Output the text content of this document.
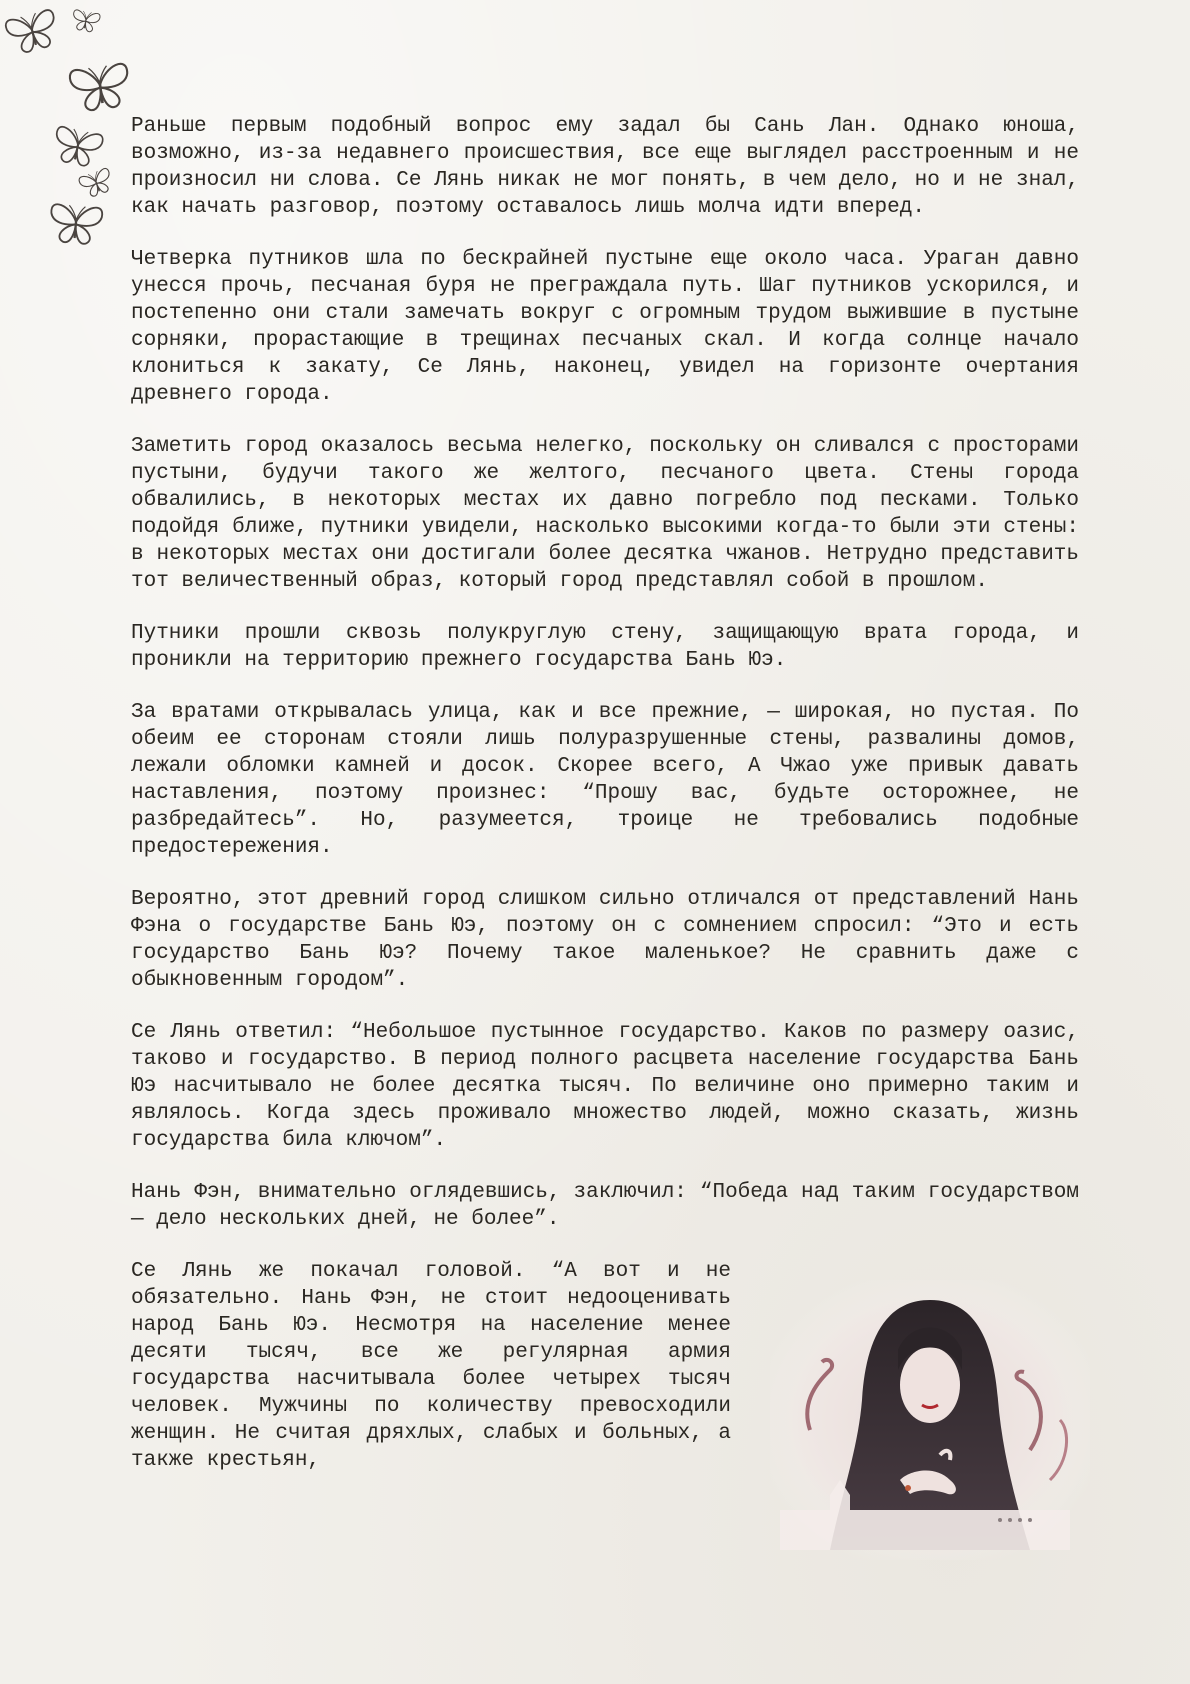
Раньше первым подобный вопрос ему задал бы Сань Лан. Однако юноша, возможно, из-за недавнего происшествия, все еще выглядел расстроенным и не произносил ни слова. Се Лянь никак не мог понять, в чем дело, но и не знал, как начать разговор, поэтому оставалось лишь молча идти вперед.

Четверка путников шла по бескрайней пустыне еще около часа. Ураган давно унесся прочь, песчаная буря не преграждала путь. Шаг путников ускорился, и постепенно они стали замечать вокруг с огромным трудом выжившие в пустыне сорняки, прорастающие в трещинах песчаных скал. И когда солнце начало клониться к закату, Се Лянь, наконец, увидел на горизонте очертания древнего города.

Заметить город оказалось весьма нелегко, поскольку он сливался с просторами пустыни, будучи такого же желтого, песчаного цвета. Стены города обвалились, в некоторых местах их давно погребло под песками. Только подойдя ближе, путники увидели, насколько высокими когда-то были эти стены: в некоторых местах они достигали более десятка чжанов. Нетрудно представить тот величественный образ, который город представлял собой в прошлом.

Путники прошли сквозь полукруглую стену, защищающую врата города, и проникли на территорию прежнего государства Бань Юэ.

За вратами открывалась улица, как и все прежние, — широкая, но пустая. По обеим ее сторонам стояли лишь полуразрушенные стены, развалины домов, лежали обломки камней и досок. Скорее всего, А Чжао уже привык давать наставления, поэтому произнес: “Прошу вас, будьте осторожнее, не разбредайтесь”. Но, разумеется, троице не требовались подобные предостережения.

Вероятно, этот древний город слишком сильно отличался от представлений Нань Фэна о государстве Бань Юэ, поэтому он с сомнением спросил: “Это и есть государство Бань Юэ? Почему такое маленькое? Не сравнить даже с обыкновенным городом”.

Се Лянь ответил: “Небольшое пустынное государство. Каков по размеру оазис, таково и государство. В период полного расцвета население государства Бань Юэ насчитывало не более десятка тысяч. По величине оно примерно таким и являлось. Когда здесь проживало множество людей, можно сказать, жизнь государства била ключом”.

Нань Фэн, внимательно оглядевшись, заключил: “Победа над таким государством — дело нескольких дней, не более”.

Се Лянь же покачал головой. “А вот и не обязательно. Нань Фэн, не стоит недооценивать народ Бань Юэ. Несмотря на население менее десяти тысяч, все же регулярная армия государства насчитывала более четырех тысяч человек. Мужчины по количеству превосходили женщин. Не считая дряхлых, слабых и больных, а также крестьян,
